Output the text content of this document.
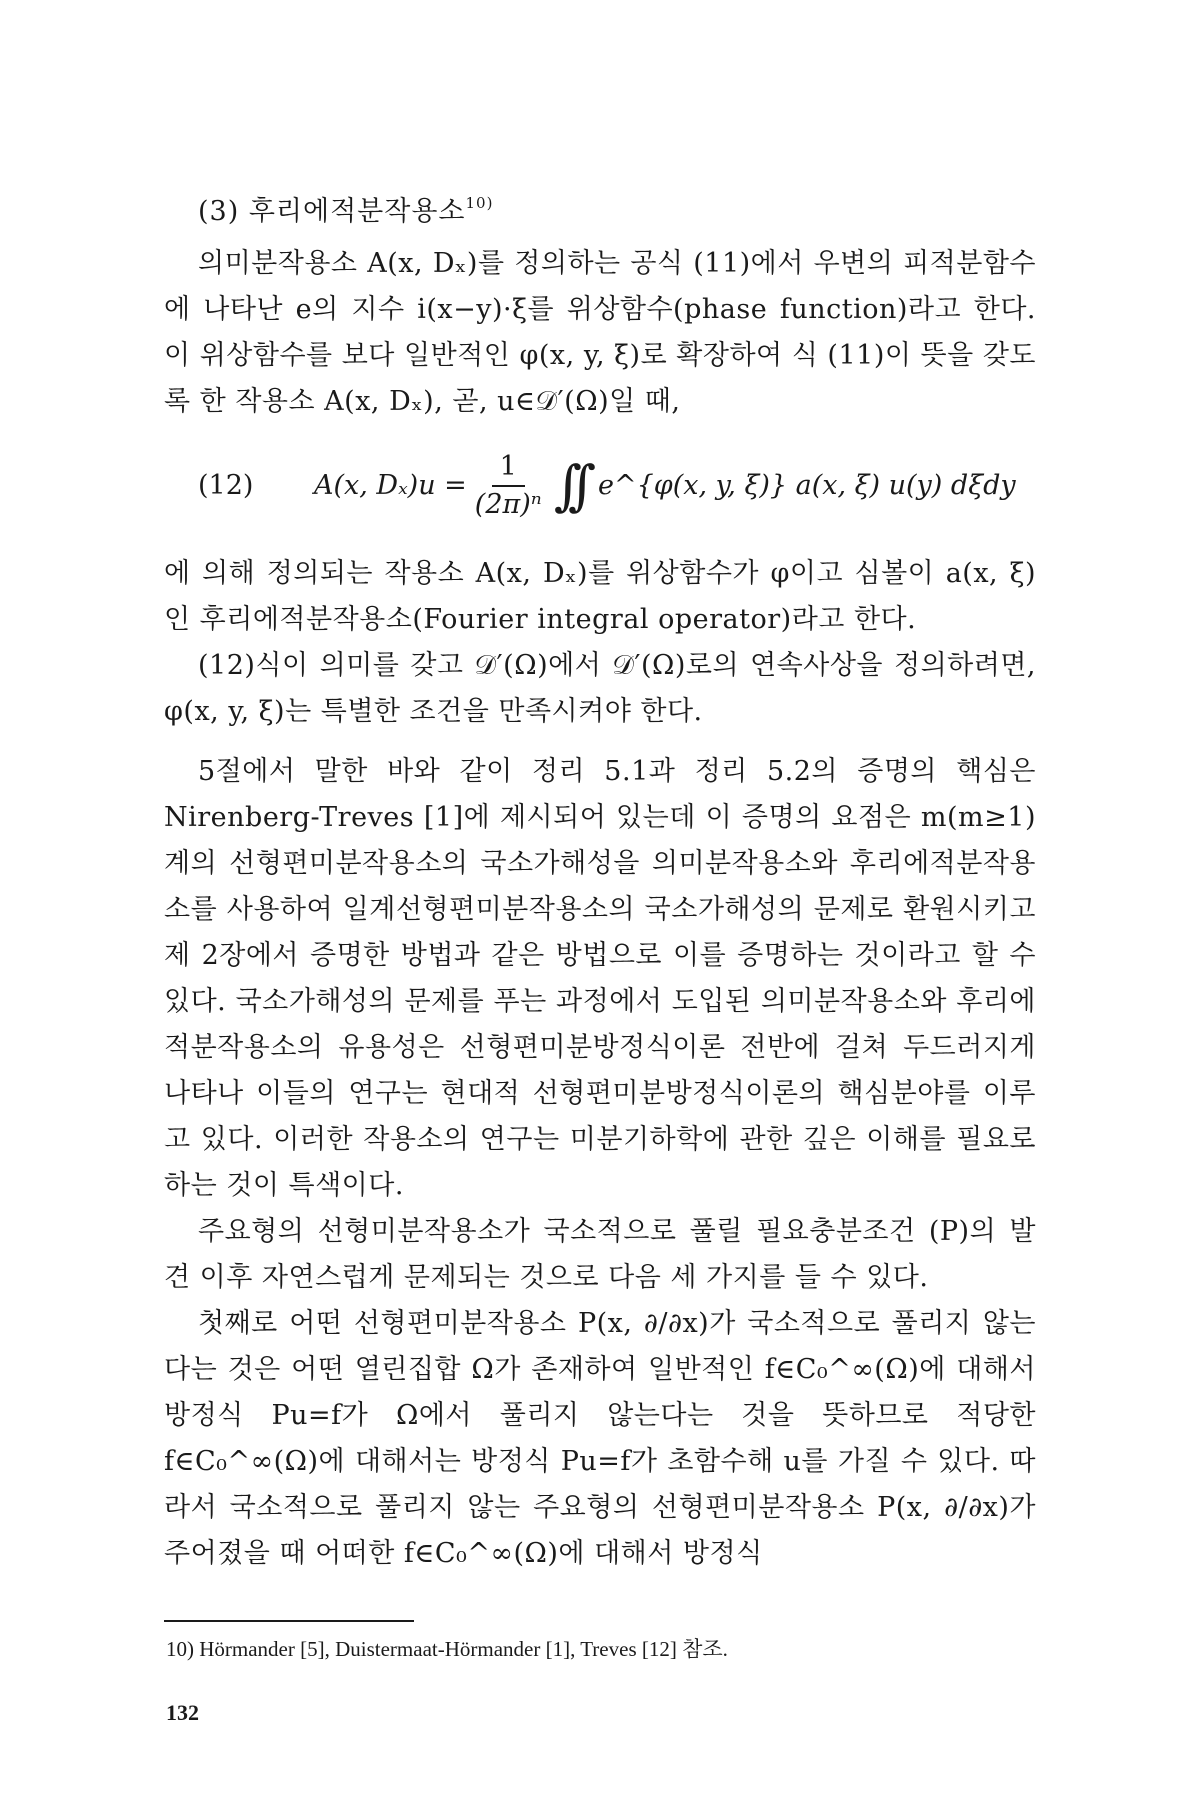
(3) 후리에적분작용소$^{10)}$

의미분작용소 A(x, Dₓ)를 정의하는 공식 (11)에서 우변의 피적분함수에 나타난 e의 지수 i(x−y)·ξ를 위상함수(phase function)라고 한다. 이 위상함수를 보다 일반적인 φ(x, y, ξ)로 확장하여 식 (11)이 뜻을 갖도록 한 작용소 A(x, Dₓ), 곧, u∈𝒟′(Ω)일 때,

(12)	A(x, $D_x)u = \frac{1}{\text{(2π)ⁿ}}$ ∫∫ e^{φ(x, y, ξ)} a(x, ξ) u(y) dξdy

에 의해 정의되는 작용소 A(x, Dₓ)를 위상함수가 φ이고 심볼이 a(x, ξ)인 후리에적분작용소(Fourier integral operator)라고 한다.

(12)식이 의미를 갖고 𝒟′(Ω)에서 𝒟′(Ω)로의 연속사상을 정의하려면, φ(x, y, ξ)는 특별한 조건을 만족시켜야 한다.

5절에서 말한 바와 같이 정리 5.1과 정리 5.2의 증명의 핵심은 Nirenberg-Treves [1]에 제시되어 있는데 이 증명의 요점은 m(m≥1)계의 선형편미분작용소의 국소가해성을 의미분작용소와 후리에적분작용소를 사용하여 일계선형편미분작용소의 국소가해성의 문제로 환원시키고 제 2장에서 증명한 방법과 같은 방법으로 이를 증명하는 것이라고 할 수 있다. 국소가해성의 문제를 푸는 과정에서 도입된 의미분작용소와 후리에적분작용소의 유용성은 선형편미분방정식이론 전반에 걸쳐 두드러지게 나타나 이들의 연구는 현대적 선형편미분방정식이론의 핵심분야를 이루고 있다. 이러한 작용소의 연구는 미분기하학에 관한 깊은 이해를 필요로 하는 것이 특색이다.

주요형의 선형미분작용소가 국소적으로 풀릴 필요충분조건 (P)의 발견 이후 자연스럽게 문제되는 것으로 다음 세 가지를 들 수 있다.

첫째로 어떤 선형편미분작용소 P(x, ∂/∂x)가 국소적으로 풀리지 않는다는 것은 어떤 열린집합 Ω가 존재하여 일반적인 f∈C₀^∞(Ω)에 대해서 방정식 Pu=f가 Ω에서 풀리지 않는다는 것을 뜻하므로 적당한 f∈C₀^∞(Ω)에 대해서는 방정식 Pu=f가 초함수해 u를 가질 수 있다. 따라서 국소적으로 풀리지 않는 주요형의 선형편미분작용소 P(x, ∂/∂x)가 주어졌을 때 어떠한 f∈C₀^∞(Ω)에 대해서 방정식

10) Hörmander [5], Duistermaat-Hörmander [1], Treves [12] 참조.
132
